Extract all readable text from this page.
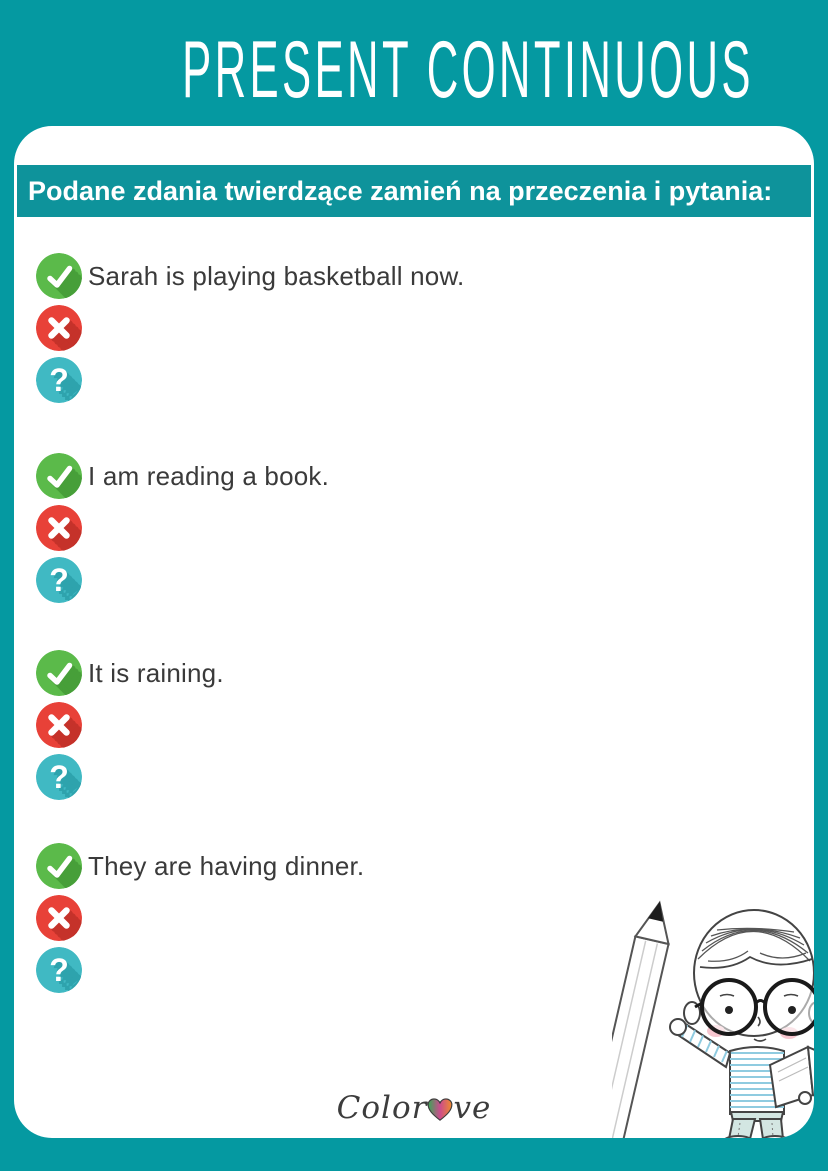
PRESENT CONTINUOUS
Podane zdania twierdzące zamień na przeczenia i pytania:
Sarah is playing basketball now.
I am reading a book.
It is raining.
They are having dinner.
Color ve
